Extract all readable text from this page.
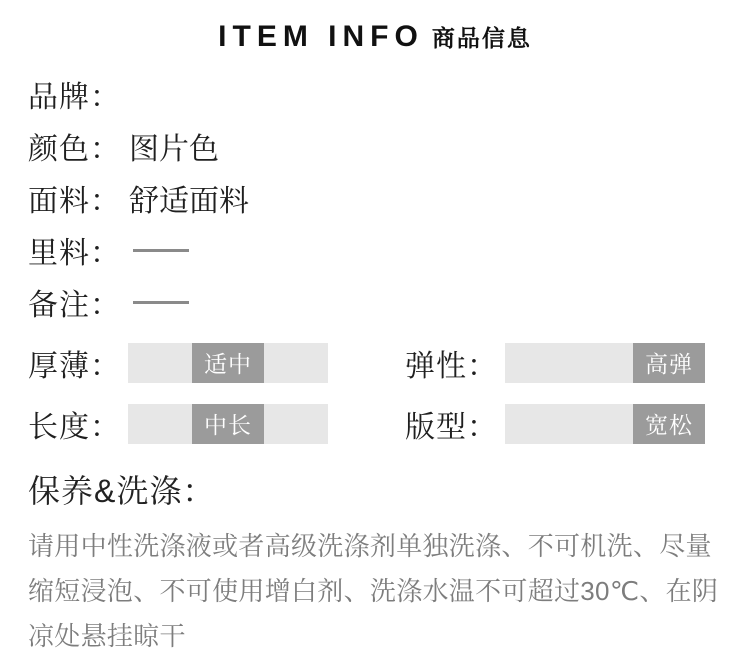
ITEM INFO 商品信息
品牌：
颜色： 图片色
面料： 舒适面料
里料：
备注：
厚薄：	适中	弹性：	高弹
长度：	中长	版型：	宽松
保养&洗涤：

请用中性洗涤液或者高级洗涤剂单独洗涤、不可机洗、尽量缩短浸泡、不可使用增白剂、洗涤水温不可超过30℃、在阴凉处悬挂晾干
